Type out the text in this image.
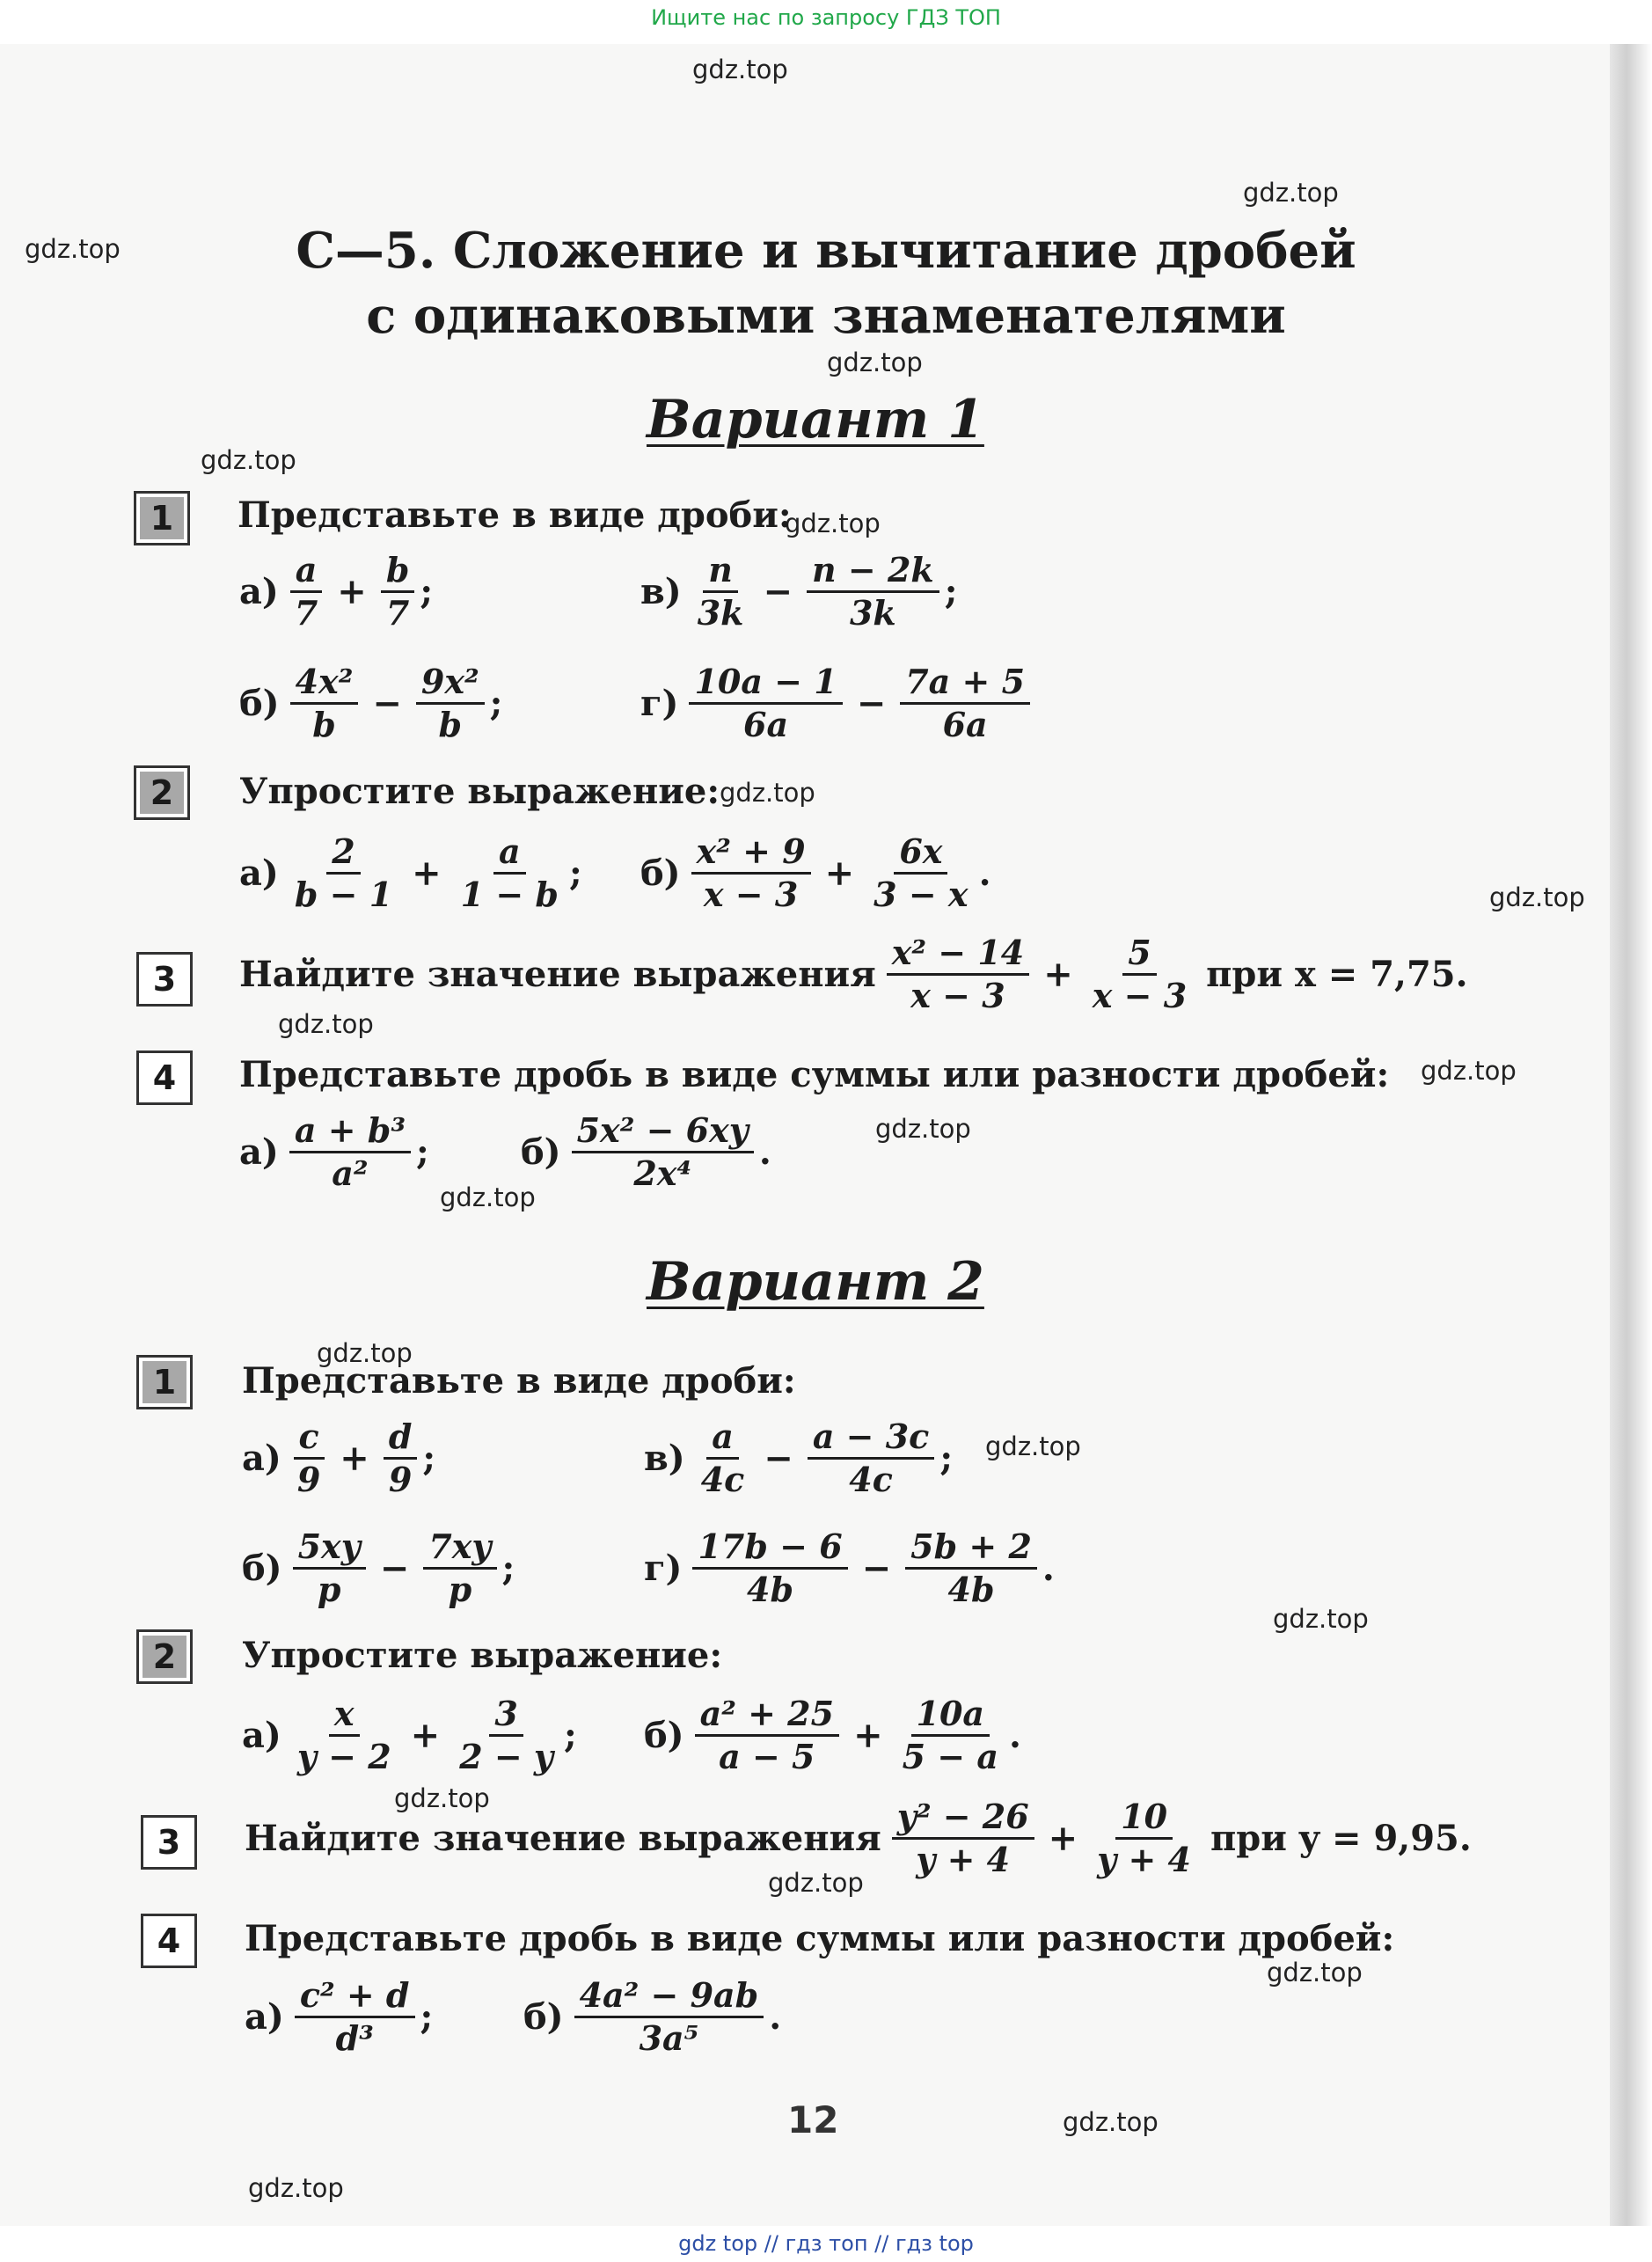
Ищите нас по запросу ГДЗ ТОП
gdz.top
gdz.top
gdz.top
gdz.top
gdz.top
gdz.top
gdz.top
gdz.top
gdz.top
gdz.top
gdz.top
gdz.top
gdz.top
gdz.top
gdz.top
gdz.top
gdz.top
gdz.top
gdz.top
gdz.top
С—5. Сложение и вычитание дробей
с одинаковыми знаменателями
Вариант 1
1	Представьте в виде дроби:
$а) \frac{a}{7} + \frac{b}{7}$ ;	$в) \frac{n}{3k} - \frac{n - 2k}{3k}$ ;
$б) \frac{\text{4x²}}{b} - \frac{\text{9x²}}{b}$ ;	$г) \frac{10a - 1}{6a} - \frac{7a + 5}{6a}$
2	Упростите выражение:
$а) \frac{2}{b - 1} + \frac{a}{1 - b}$ ; $б) \frac{\text{x² + 9}}{x - 3} + \frac{6x}{3 - x}$ .
3	Найдите значение выражения $\frac{\text{x² − 14}}{x - 3} + \frac{5}{x - 3}$ при x = 7,75.
4	Представьте дробь в виде суммы или разности дробей:
$а) \frac{\text{a + b³}}{\text{a²}}$ ;	$б) \frac{\text{5x² − 6xy}}{\text{2x⁴}}$ .
Вариант 2
1	Представьте в виде дроби:
$а) \frac{c}{9} + \frac{d}{9}$ ;	$в) \frac{a}{4c} - \frac{a - 3c}{4c}$ ;
$б) \frac{5xy}{p} - \frac{7xy}{p}$ ;	$г) \frac{17b - 6}{4b} - \frac{5b + 2}{4b}$ .
2	Упростите выражение:
$а) \frac{x}{y - 2} + \frac{3}{2 - y}$ ; $б) \frac{\text{a² + 25}}{a - 5} + \frac{10a}{5 - a}$ .
3	Найдите значение выражения $\frac{\text{y² − 26}}{y + 4} + \frac{10}{y + 4}$ при y = 9,95.
4	Представьте дробь в виде суммы или разности дробей:
$а) \frac{\text{c² + d}}{\text{d³}}$ ;	$б) \frac{\text{4a² − 9ab}}{\text{3a⁵}}$ .
12
gdz top // гдз топ // гдз top
